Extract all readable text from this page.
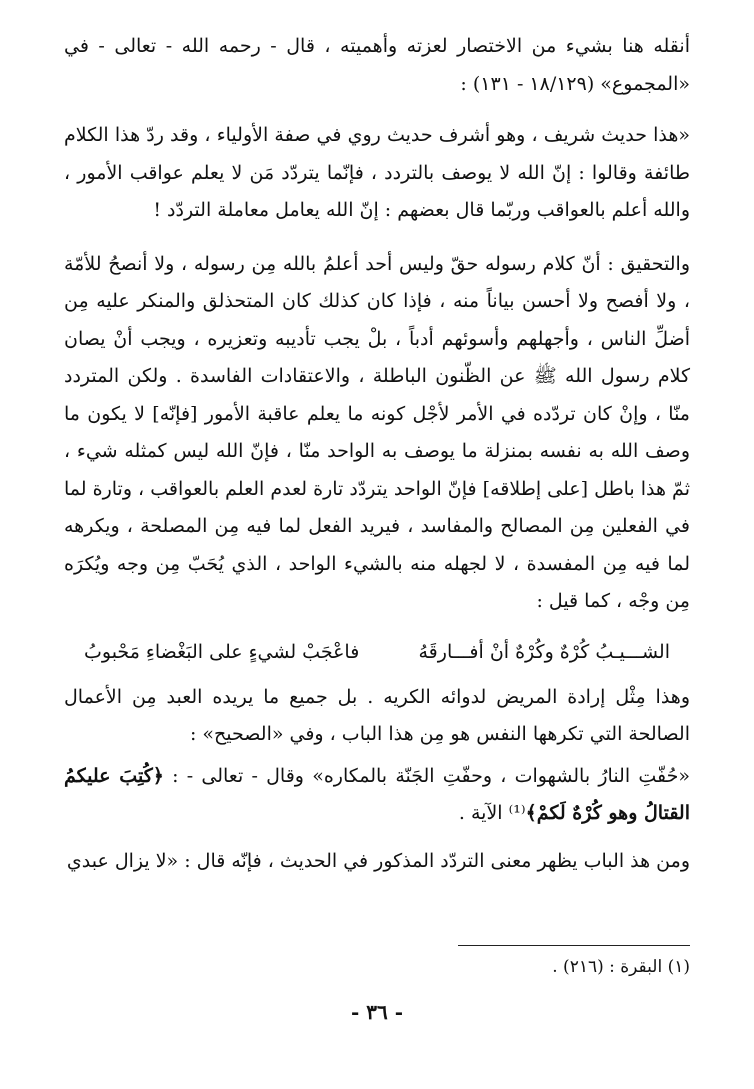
أنقله هنا بشيء من الاختصار لعزته وأهميته ، قال - رحمه الله - تعالى - في «المجموع» (١٨/١٢٩ - ١٣١) :

«هذا حديث شريف ، وهو أشرف حديث روي في صفة الأولياء ، وقد ردّ هذا الكلام طائفة وقالوا : إنّ الله لا يوصف بالتردد ، فإنّما يتردّد مَن لا يعلم عواقب الأمور ، والله أعلم بالعواقب وربّما قال بعضهم : إنّ الله يعامل معاملة التردّد !

والتحقيق : أنّ كلام رسوله حقّ وليس أحد أعلمُ بالله مِن رسوله ، ولا أنصحُ للأمّة ، ولا أفصح ولا أحسن بياناً منه ، فإذا كان كذلك كان المتحذلق والمنكر عليه مِن أضلِّ الناس ، وأجهلهم وأسوئهم أدباً ، بلْ يجب تأديبه وتعزيره ، ويجب أنْ يصان كلام رسول الله ﷺ عن الظّنون الباطلة ، والاعتقادات الفاسدة . ولكن المتردد منّا ، وإنْ كان تردّده في الأمر لأجْل كونه ما يعلم عاقبة الأمور [فإنّه] لا يكون ما وصف الله به نفسه بمنزلة ما يوصف به الواحد منّا ، فإنّ الله ليس كمثله شيء ، ثمّ هذا باطل [على إطلاقه] فإنّ الواحد يتردّد تارة لعدم العلم بالعواقب ، وتارة لما في الفعلين مِن المصالح والمفاسد ، فيريد الفعل لما فيه مِن المصلحة ، ويكرهه لما فيه مِن المفسدة ، لا لجهله منه بالشيء الواحد ، الذي يُحَبّ مِن وجه ويُكرَه مِن وجْه ، كما قيل :

الشـــيـبُ كُرْهٌ وكُرْهٌ أنْ أفـــارقَهُ
فاعْجَبْ لشيءٍ على البَغْضاءِ مَحْبوبُ

وهذا مِثْل إرادة المريض لدوائه الكريه . بل جميع ما يريده العبد مِن الأعمال الصالحة التي تكرهها النفس هو مِن هذا الباب ، وفي «الصحيح» :

«حُفّتِ النارُ بالشهوات ، وحفّتِ الجَنّة بالمكاره» وقال - تعالى - : ﴿كُتِبَ عليكمُ القتالُ وهو كُرْهٌ لَكمْ﴾⁽¹⁾ الآية .

ومن هذ الباب يظهر معنى التردّد المذكور في الحديث ، فإنّه قال : «لا يزال عبدي

(١) البقرة : (٢١٦) .
- ٣٦ -
